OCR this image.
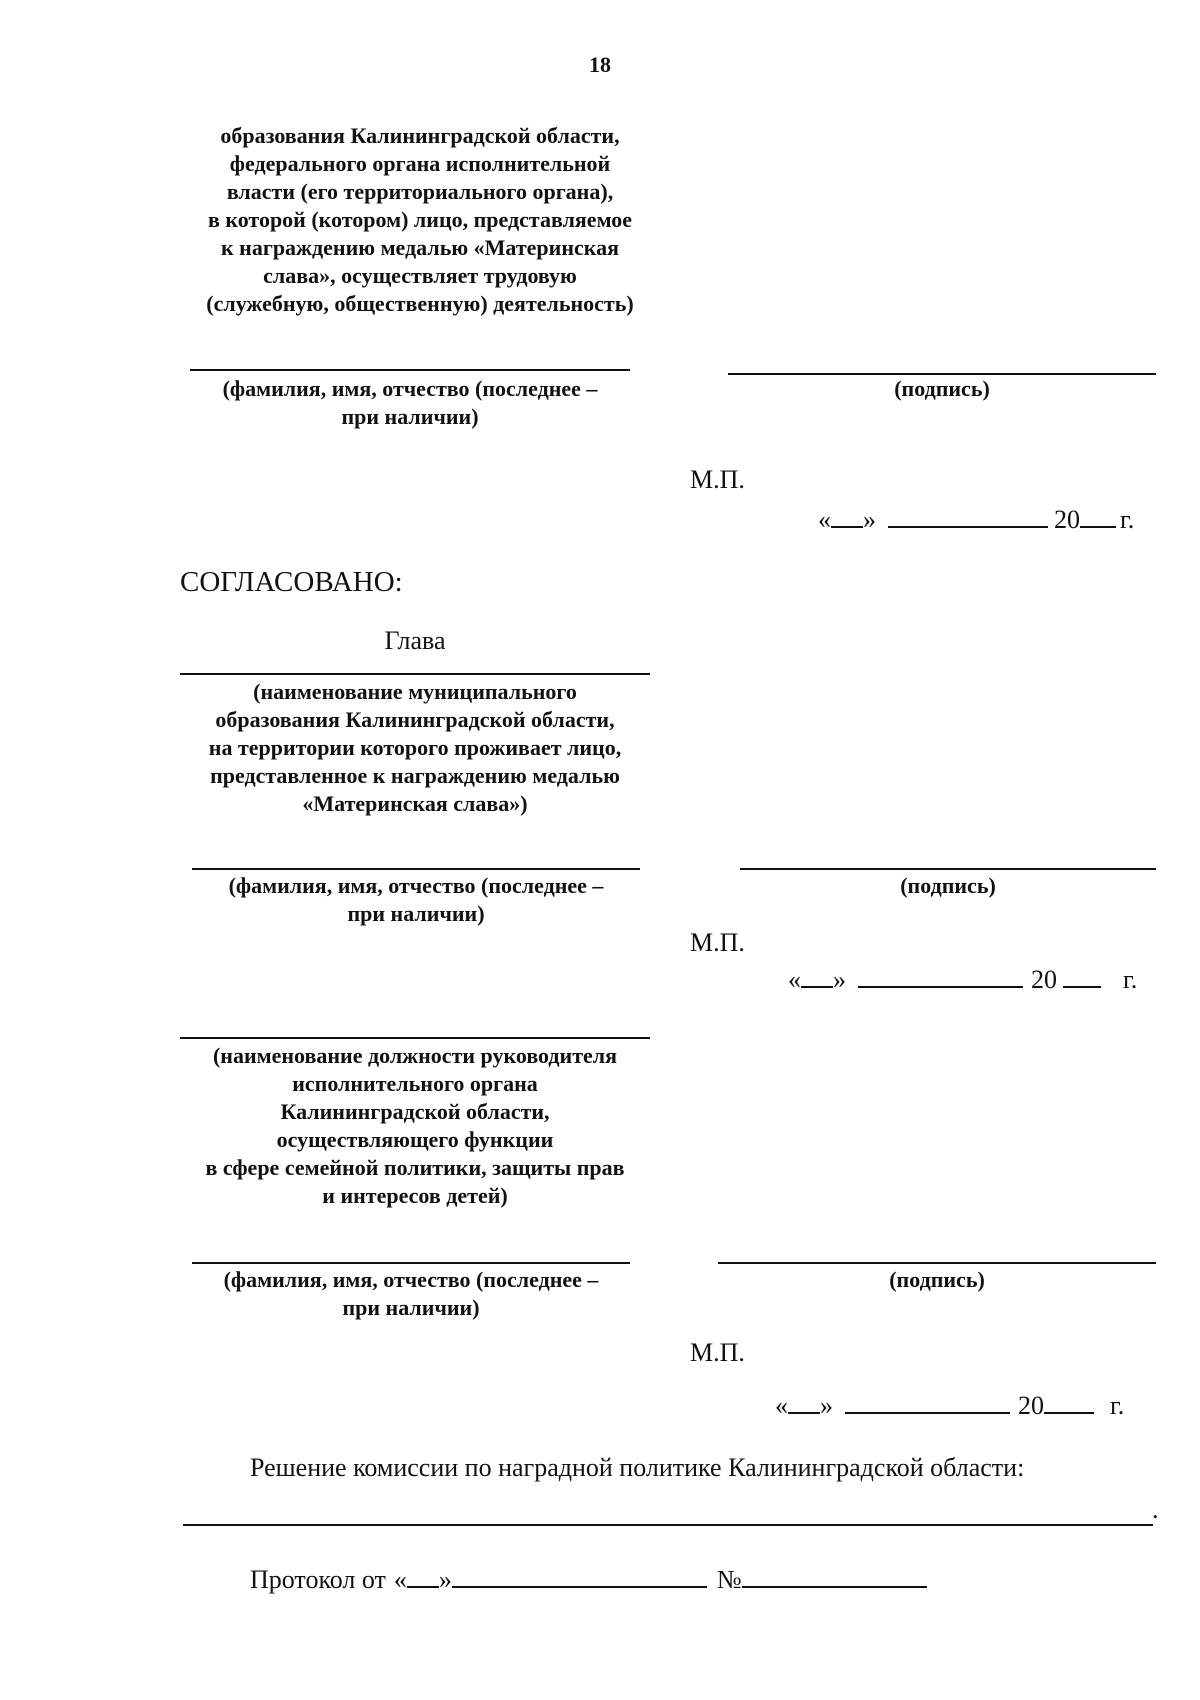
18
образования Калининградской области,
федерального органа исполнительной
власти (его территориального органа),
в которой (котором) лицо, представляемое
к награждению медалью «Материнская
слава», осуществляет трудовую
(служебную, общественную) деятельность)
(фамилия, имя, отчество (последнее –
при наличии)
(подпись)
М.П.
« »	20 г.
СОГЛАСОВАНО:
Глава
(наименование муниципального
образования Калининградской области,
на территории которого проживает лицо,
представленное к награждению медалью
«Материнская слава»)
(фамилия, имя, отчество (последнее –
при наличии)
(подпись)
М.П.
« »	20	г.
(наименование должности руководителя
исполнительного органа
Калининградской области,
осуществляющего функции
в сфере семейной политики, защиты прав
и интересов детей)
(фамилия, имя, отчество (последнее –
при наличии)
(подпись)
М.П.
« »	20	г.
Решение комиссии по наградной политике Калининградской области:
.
Протокол от « »	№
